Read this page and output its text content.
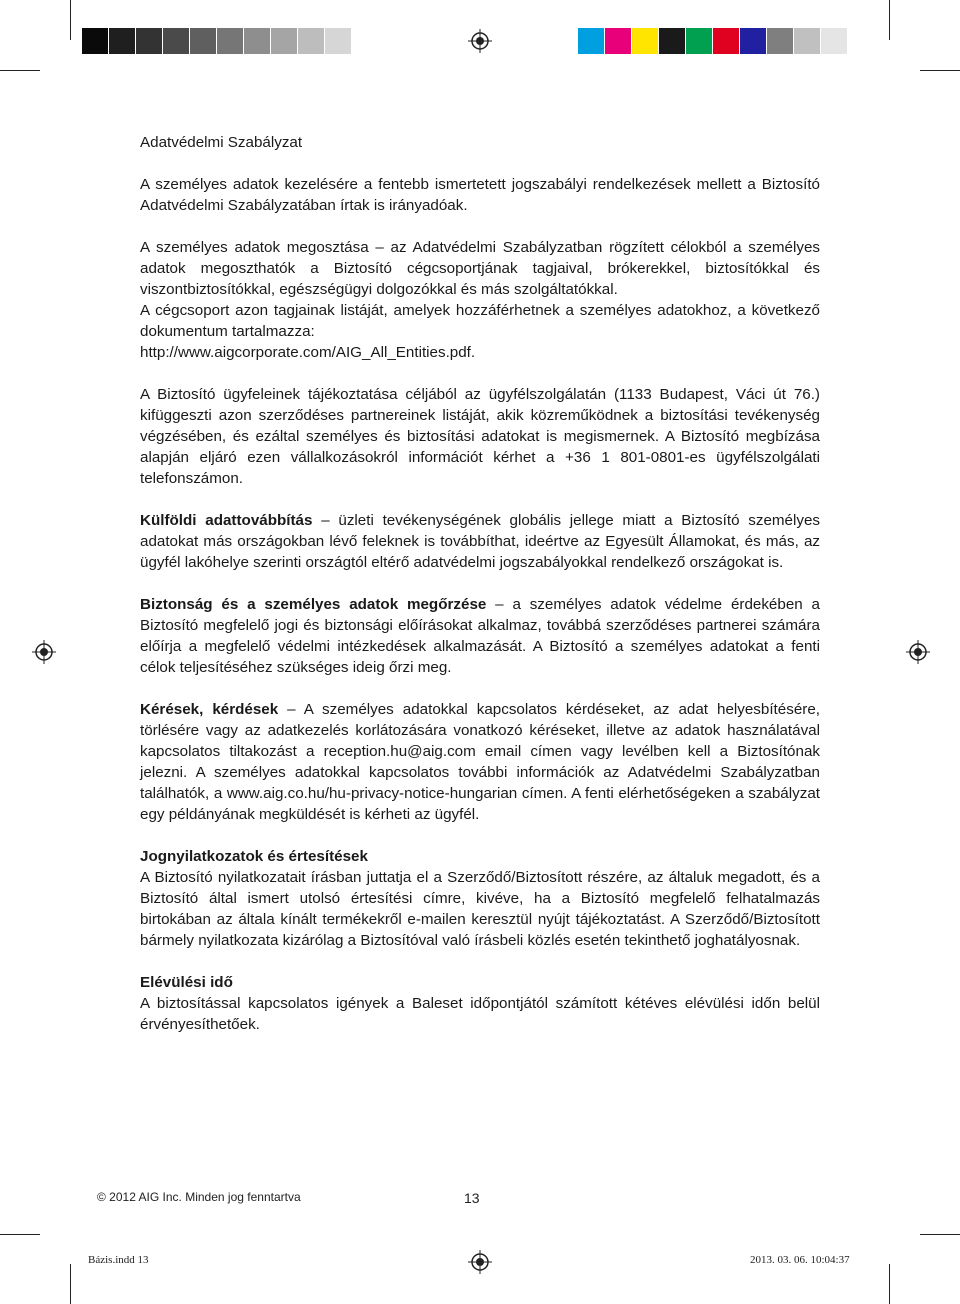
Adatvédelmi Szabályzat

A személyes adatok kezelésére a fentebb ismertetett jogszabályi rendelkezések mellett a Biztosító Adatvédelmi Szabályzatában írtak is irányadóak.

A személyes adatok megosztása – az Adatvédelmi Szabályzatban rögzített célokból a személyes adatok megoszthatók a Biztosító cégcsoportjának tagjaival, brókerekkel, biztosítókkal és viszontbiztosítókkal, egészségügyi dolgozókkal és más szolgáltatókkal.

A cégcsoport azon tagjainak listáját, amelyek hozzáférhetnek a személyes adatokhoz, a következő dokumentum tartalmazza:

http://www.aigcorporate.com/AIG_All_Entities.pdf.

A Biztosító ügyfeleinek tájékoztatása céljából az ügyfélszolgálatán (1133 Budapest, Váci út 76.) kifüggeszti azon szerződéses partnereinek listáját, akik közreműködnek a biztosítási tevékenység végzésében, és ezáltal személyes és biztosítási adatokat is megismernek. A Biztosító megbízása alapján eljáró ezen vállalkozásokról információt kérhet a +36 1 801-0801-es ügyfélszolgálati telefonszámon.

Külföldi adattovábbítás – üzleti tevékenységének globális jellege miatt a Biztosító személyes adatokat más országokban lévő feleknek is továbbíthat, ideértve az Egyesült Államokat, és más, az ügyfél lakóhelye szerinti országtól eltérő adatvédelmi jogszabályokkal rendelkező országokat is.

Biztonság és a személyes adatok megőrzése – a személyes adatok védelme érdekében a Biztosító megfelelő jogi és biztonsági előírásokat alkalmaz, továbbá szerződéses partnerei számára előírja a megfelelő védelmi intézkedések alkalmazását. A Biztosító a személyes adatokat a fenti célok teljesítéséhez szükséges ideig őrzi meg.

Kérések, kérdések – A személyes adatokkal kapcsolatos kérdéseket, az adat helyesbítésére, törlésére vagy az adatkezelés korlátozására vonatkozó kéréseket, illetve az adatok használatával kapcsolatos tiltakozást a reception.hu@aig.com email címen vagy levélben kell a Biztosítónak jelezni. A személyes adatokkal kapcsolatos további információk az Adatvédelmi Szabályzatban találhatók, a www.aig.co.hu/hu-privacy-notice-hungarian címen. A fenti elérhetőségeken a szabályzat egy példányának megküldését is kérheti az ügyfél.

Jognyilatkozatok és értesítések

A Biztosító nyilatkozatait írásban juttatja el a Szerződő/Biztosított részére, az általuk megadott, és a Biztosító által ismert utolsó értesítési címre, kivéve, ha a Biztosító megfelelő felhatalmazás birtokában az általa kínált termékekről e-mailen keresztül nyújt tájékoztatást. A Szerződő/Biztosított bármely nyilatkozata kizárólag a Biztosítóval való írásbeli közlés esetén tekinthető joghatályosnak.

Elévülési idő

A biztosítással kapcsolatos igények a Baleset időpontjától számított kétéves elévülési időn belül érvényesíthetőek.

© 2012 AIG Inc. Minden jog fenntartva	13
Bázis.indd 13	2013. 03. 06. 10:04:37
